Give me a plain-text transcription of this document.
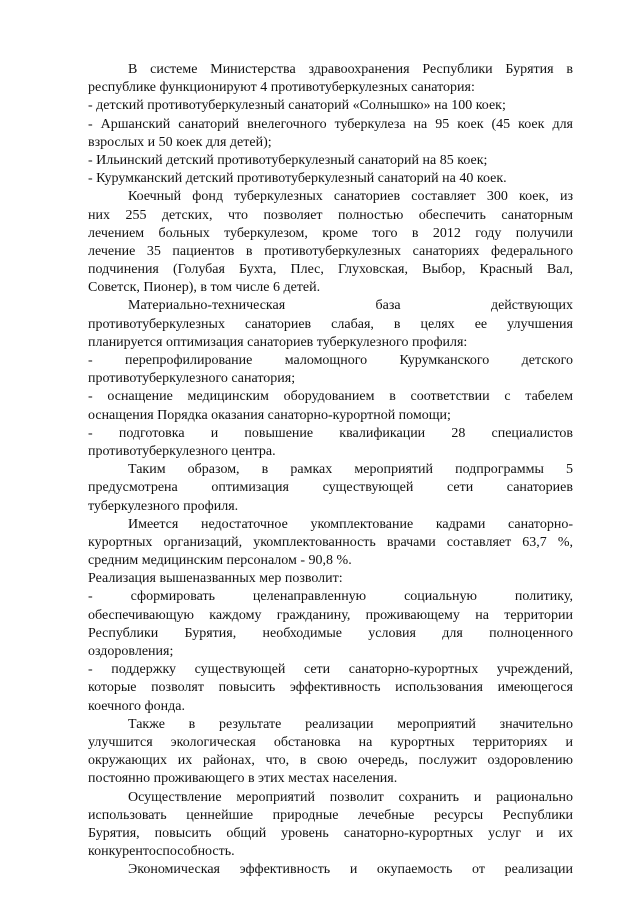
В системе Министерства здравоохранения Республики Бурятия в
республике функционируют 4 противотуберкулезных санатория:
- детский противотуберкулезный санаторий «Солнышко» на 100 коек;
- Аршанский санаторий внелегочного туберкулеза на 95 коек (45 коек для
взрослых и 50 коек для детей);
- Ильинский детский противотуберкулезный санаторий на 85 коек;
- Курумканский детский противотуберкулезный санаторий на 40 коек.
Коечный фонд туберкулезных санаториев составляет 300 коек, из
них 255 детских, что позволяет полностью обеспечить санаторным
лечением больных туберкулезом, кроме того в 2012 году получили
лечение 35 пациентов в противотуберкулезных санаториях федерального
подчинения (Голубая Бухта, Плес, Глуховская, Выбор, Красный Вал,
Советск, Пионер), в том числе 6 детей.
Материально-техническая база действующих
противотуберкулезных санаториев слабая, в целях ее улучшения
планируется оптимизация санаториев туберкулезного профиля:
- перепрофилирование маломощного Курумканского детского
противотуберкулезного санатория;
- оснащение медицинским оборудованием в соответствии с табелем
оснащения Порядка оказания санаторно-курортной помощи;
- подготовка и повышение квалификации 28 специалистов
противотуберкулезного центра.
Таким образом, в рамках мероприятий подпрограммы 5
предусмотрена оптимизация существующей сети санаториев
туберкулезного профиля.
Имеется недостаточное укомплектование кадрами санаторно-
курортных организаций, укомплектованность врачами составляет 63,7 %,
средним медицинским персоналом - 90,8 %.
Реализация вышеназванных мер позволит:
- сформировать целенаправленную социальную политику,
обеспечивающую каждому гражданину, проживающему на территории
Республики Бурятия, необходимые условия для полноценного
оздоровления;
- поддержку существующей сети санаторно-курортных учреждений,
которые позволят повысить эффективность использования имеющегося
коечного фонда.
Также в результате реализации мероприятий значительно
улучшится экологическая обстановка на курортных территориях и
окружающих их районах, что, в свою очередь, послужит оздоровлению
постоянно проживающего в этих местах населения.
Осуществление мероприятий позволит сохранить и рационально
использовать ценнейшие природные лечебные ресурсы Республики
Бурятия, повысить общий уровень санаторно-курортных услуг и их
конкурентоспособность.
Экономическая эффективность и окупаемость от реализации
